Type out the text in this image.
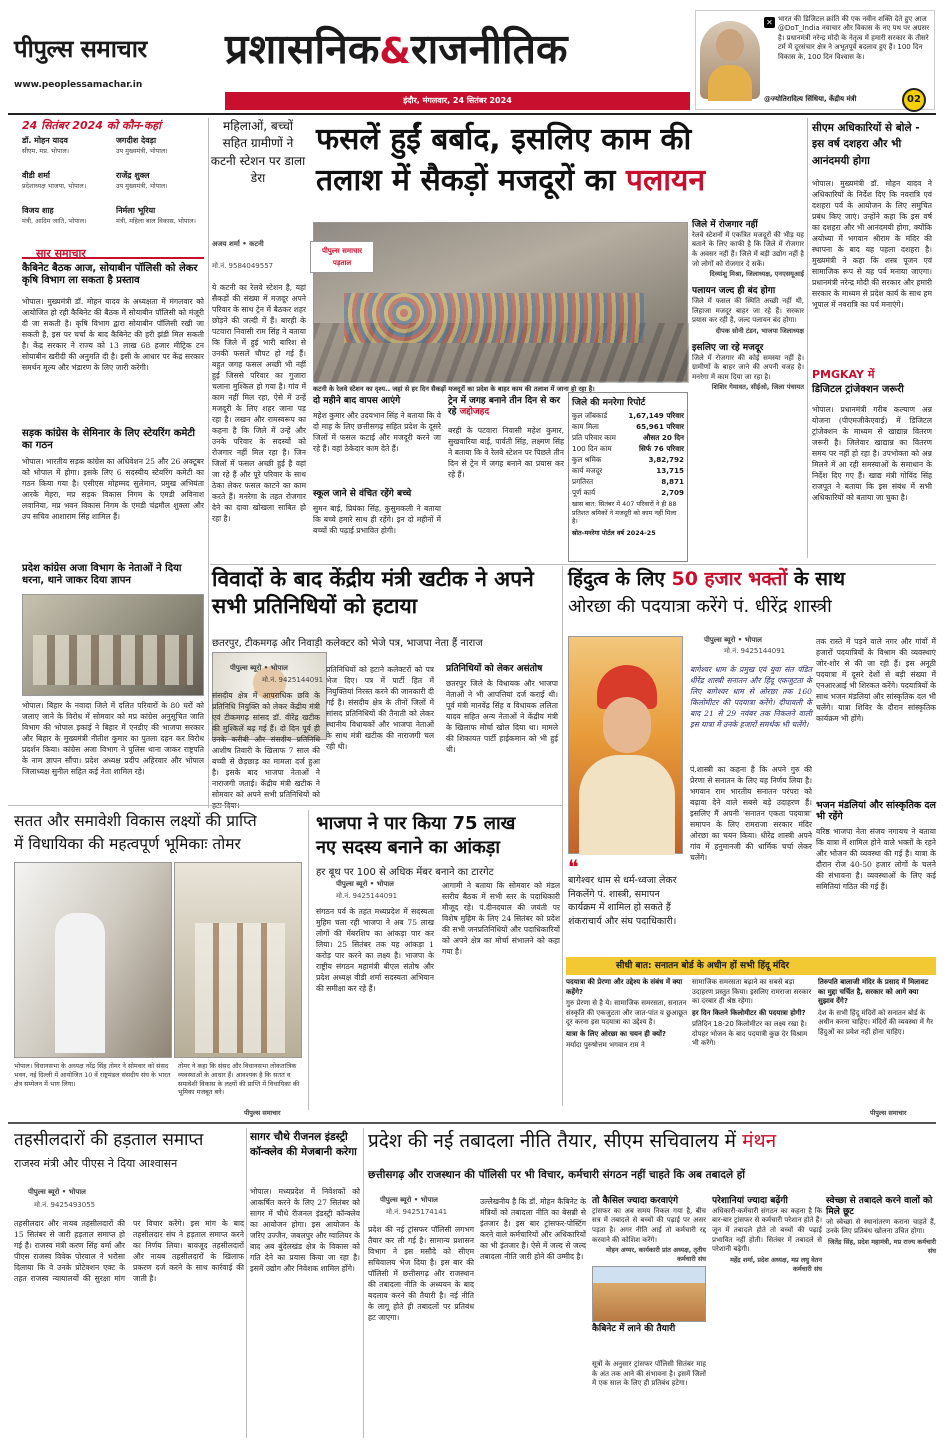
पीपुल्स समाचार
www.peoplessamachar.in
प्रशासनिक&राजनीतिक
✕ भारत की डिजिटल क्रांति की एक नवीन शक्ति देते हुए आज @DoT_India नवाचार और विकास के नए पथ पर अग्रसर है। प्रधानमंत्री नरेन्द्र मोदी के नेतृत्व में हमारी सरकार के तीसरे टर्म में दूरसंचार क्षेत्र ने अभूतपूर्व बदलाव हुए हैं। 100 दिन विकास के, 100 दिन विश्वास के।
@ज्योतिरादित्य सिंधिया, केंद्रीय मंत्री	02
इंदौर, मंगलवार, 24 सितंबर 2024
24 सितंबर 2024 को कौन-कहां
डॉ. मोहन यादव
सीएम, मप्र. भोपाल।
जगदीश देवड़ा
उप मुख्यमंत्री, भोपाल।
वीडी शर्मा
प्रदेशाध्यक्ष भाजपा, भोपाल।
राजेंद्र शुक्ल
उप मुख्यमंत्री, भोपाल।
विजय शाह
मंत्री, आदिम जाति, भोपाल।
निर्मला भूरिया
मंत्री, महिला बाल विकास, भोपाल।
सार समाचार
कैबिनेट बैठक आज, सोयाबीन पॉलिसी को लेकर कृषि विभाग ला सकता है प्रस्ताव
भोपाल। मुख्यमंत्री डॉ. मोहन यादव के अध्यक्षता में मंगलवार को आयोजित हो रही कैबिनेट की बैठक में सोयाबीन पॉलिसी को मंजूरी दी जा सकती है। कृषि विभाग द्वारा सोयाबीन पॉलिसी रखी जा सकती है, इस पर चर्चा के बाद कैबिनेट की हरी झंडी मिल सकती है। केंद्र सरकार ने राज्य को 13 लाख 68 हजार मीट्रिक टन सोयाबीन खरीदी की अनुमति दी है। इसी के आधार पर केंद्र सरकार समर्थन मूल्य और भंडारण के लिए जारी करेगी।
सड़क कांग्रेस के सेमिनार के लिए स्टेयरिंग कमेटी का गठन
भोपाल। भारतीय सड़क कांग्रेस का अधिवेशन 25 और 26 अक्टूबर को भोपाल में होगा। इसके लिए 6 सदस्यीय स्टेयरिंग कमेटी का गठन किया गया है। एसीएस मोहम्मद सुलेमान, प्रमुख अभियंता आरके मेहरा, मप्र सड़क विकास निगम के एमडी अविनाश लवानिया, मप्र भवन विकास निगम के एमडी चंद्रमौल शुक्ला और उप सचिव आशाराम सिंह शामिल हैं।
प्रदेश कांग्रेस अजा विभाग के नेताओं ने दिया धरना, थाने जाकर दिया ज्ञापन
भोपाल। बिहार के नवादा जिले में दलित परिवारों के 80 घरों को जलाए जाने के विरोध में सोमवार को मप्र कांग्रेस अनुसूचित जाति विभाग की भोपाल इकाई ने बिहार में एनडीए की भाजपा सरकार और बिहार के मुख्यमंत्री नीतीश कुमार का पुतला दहन कर विरोध प्रदर्शन किया। कांग्रेस अजा विभाग ने पुलिस थाना जाकर राष्ट्रपति के नाम ज्ञापन सौंपा। प्रदेश अध्यक्ष प्रदीप अहिरवार और भोपाल जिलाध्यक्ष सुनील सहित कई नेता शामिल रहे।
महिलाओं, बच्चों सहित ग्रामीणों ने कटनी स्टेशन पर डाला डेरा
अजय शर्मा • कटनी
मो.नं. 9584049557
ये कटनी का रेलवे स्टेशन है, यहां सैकड़ों की संख्या में मजदूर अपने परिवार के साथ ट्रेन में बैठकर शहर छोड़ने की जल्दी में हैं। बारही के पटवारा निवासी राम सिंह ने बताया कि जिले में हुई भारी बारिश से उनकी फसलें चौपट हो गई हैं। बहुत जगह फसल अच्छी भी नहीं हुई जिससे परिवार का गुजारा चलाना मुश्किल हो गया है। गांव में काम नहीं मिल रहा, ऐसे में उन्हें मजदूरी के लिए शहर जाना पड़ रहा है। लखन और रामस्वरूप का कहना है कि जिले में उन्हें और उनके परिवार के सदस्यों को रोजगार नहीं मिल रहा है। जिन जिलों में फसल अच्छी हुई है वहां जा रहे हैं और पूरे परिवार के साथ ठेका लेकर फसल काटने का काम करते हैं। मनरेगा के तहत रोजगार देने का दावा खोखला साबित हो रहा है।
फसलें हुईं बर्बाद, इसलिए काम की
तलाश में सैकड़ों मजदूरों का पलायन
पीपुल्स समाचार पड़ताल
कटनी के रेलवे स्टेशन का दृश्य.. जहां से हर दिन सैकड़ों मजदूरों का प्रदेश के बाहर काम की तलाश में जाना हो रहा है।
दो महीने बाद वापस आएंगे
महेश कुमार और उदयभान सिंह ने बताया कि वे दो माह के लिए छत्तीसगढ़ सहित प्रदेश के दूसरे जिलों में फसल कटाई और मजदूरी करने जा रहे हैं। वहां ठेकेदार काम देते हैं।
स्कूल जाने से वंचित रहेंगे बच्चे
सुमन बाई, प्रियंका सिंह, कुसुमकली ने बताया कि बच्चे हमारे साथ ही रहेंगे। इन दो महीनों में बच्चों की पढ़ाई प्रभावित होगी।
ट्रेन में जगह बनाने तीन दिन से कर रहे जद्दोजहद
बरही के पटवारा निवासी महेश कुमार, सुखवारिया बाई, पार्वती सिंह, लक्ष्मण सिंह ने बताया कि वे रेलवे स्टेशन पर पिछले तीन दिन से ट्रेन में जगह बनाने का प्रयास कर रहे हैं।
जिले की मनरेगा रिपोर्ट
कुल जॉबकार्ड	1,67,149 परिवार
काम मिला	65,961 परिवार
प्रति परिवार काम	औसत 20 दिन
100 दिन काम	सिर्फ 76 परिवार
कुल श्रमिक	3,82,792
कार्य मजदूर	13,715
प्रगतिरत	8,871
पूर्ण कार्य	2,709
खास बात: सितंबर में 407 परिवारों ने ही 88 प्रतिशत श्रमिकों ने मजदूरी को काम नहीं मिला है।
स्रोत-मनरेगा पोर्टल वर्ष 2024-25
जिले में रोजगार नहीं
रेलवे स्टेशनों में एकत्रित मजदूरों की भीड़ यह बताने के लिए काफी है कि जिले में रोजगार के अवसर नहीं हैं। जिले में बड़ी उद्योग नहीं है जो लोगों को रोजगार दे सकें।
दिव्यांशु मिश्रा, जिलाध्यक्ष, एनएसयूआई
पलायन जल्द ही बंद होगा
जिले में फसल की स्थिति अच्छी नहीं थी, लिहाजा मजदूर बाहर जा रहे हैं। सरकार प्रयास कर रही है, जल्द पलायन बंद होगा।
दीपक सोनी टंडन, भाजपा जिलाध्यक्ष
इसलिए जा रहे मजदूर
जिले में रोजगार की कोई समस्या नहीं है। ग्रामीणों के बाहर जाने की अपनी वजह है। मनरेगा में काम दिया जा रहा है।
शिशिर गेमावत, सीईओ, जिला पंचायत
सीएम अधिकारियों से बोले - इस वर्ष दशहरा और भी आनंदमयी होगा
भोपाल। मुख्यमंत्री डॉ. मोहन यादव ने अधिकारियों के निर्देश दिए कि नवरात्रि एवं दशहरा पर्व के आयोजन के लिए समुचित प्रबंध किए जाएं। उन्होंने कहा कि इस वर्ष का दशहरा और भी आनंदमयी होगा, क्योंकि अयोध्या में भगवान श्रीराम के मंदिर की स्थापना के बाद यह पहला दशहरा है। मुख्यमंत्री ने कहा कि शस्त्र पूजन एवं सामाजिक रूप से यह पर्व मनाया जाएगा। प्रधानमंत्री नरेन्द्र मोदी की सरकार और हमारी सरकार के माध्यम से प्रदेश कार्य के साथ हम भूपाल में नवरात्रि का पर्व मनाएंगे।
PMGKAY में
डिजिटल ट्रांजेक्शन जरूरी
भोपाल। प्रधानमंत्री गरीब कल्याण अन्न योजना (पीएमजीकेएवाई) में डिजिटल ट्रांजेक्शन के माध्यम से खाद्यान्न वितरण जरूरी है। जिलेवार खाद्यान्न का वितरण समय पर नहीं हो रहा है। उपभोक्ता को अन्न मिलने में आ रही समस्याओं के समाधान के निर्देश दिए गए हैं। खाद्य मंत्री गोविंद सिंह राजपूत ने बताया कि इस संबंध में सभी अधिकारियों को बताया जा चुका है।
विवादों के बाद केंद्रीय मंत्री खटीक ने अपने सभी प्रतिनिधियों को हटाया
छतरपुर, टीकमगढ़ और निवाड़ी कलेक्टर को भेजे पत्र, भाजपा नेता हैं नाराज
पीपुल्स ब्यूरो • भोपाल
मो.नं. 9425144091
संसदीय क्षेत्र में आपराधिक छवि के प्रतिनिधि नियुक्ति को लेकर केंद्रीय मंत्री एवं टीकमगढ़ सांसद डॉ. वीरेंद्र खटीक की मुश्किलें बढ़ गई हैं। दो दिन पूर्व ही उनके करीबी और संसदीय प्रतिनिधि आशीष तिवारी के खिलाफ 7 साल की बच्ची से छेड़छाड़ का मामला दर्ज हुआ है। इसके बाद भाजपा नेताओं ने नाराजगी जताई। केंद्रीय मंत्री खटीक ने सोमवार को अपने सभी प्रतिनिधियों को
प्रतिनिधियों को हटाने कलेक्टरों को पत्र भेज दिए। पत्र में पार्टी हित में नियुक्तियां निरस्त करने की जानकारी दी गई है। संसदीय क्षेत्र के तीनों जिलों में सांसद प्रतिनिधियों की तैनाती को लेकर स्थानीय विधायकों और भाजपा नेताओं के साथ मंत्री खटीक की नाराजगी चल रही थी।
प्रतिनिधियों को लेकर असंतोष
छतरपुर जिले के विधायक और भाजपा नेताओं ने भी आपत्तियां दर्ज कराई थी। पूर्व मंत्री मानवेंद्र सिंह व विधायक ललिता यादव सहित अन्य नेताओं ने केंद्रीय मंत्री के खिलाफ मोर्चा खोल दिया था। मामले की शिकायत पार्टी हाईकमान को भी हुई थी।
हिंदुत्व के लिए 50 हजार भक्तों के साथ
ओरछा की पदयात्रा करेंगे पं. धीरेंद्र शास्त्री
पीपुल्स ब्यूरो • भोपाल
मो.नं. 9425144091
बागेश्वर धाम के प्रमुख एवं युवा संत पंडित धीरेंद्र शास्त्री सनातन और हिंदू एकजुटता के लिए बागेश्वर धाम से ओरछा तक 160 किलोमीटर की पदयात्रा करेंगे। दीपावली के बाद 21 से 29 नवंबर तक निकलने वाली इस यात्रा में उनके हजारों समर्थक भी चलेंगे।
पं.शास्त्री का कहना है कि अपने गुरु की प्रेरणा से सनातन के लिए यह निर्णय लिया है। भगवान राम भारतीय सनातन परंपरा को बढ़ावा देने वाले सबसे बड़े उदाहरण हैं। इसलिए मैं अपनी 'सनातन एकता पदयात्रा' समापन के लिए रामराजा सरकार मंदिर ओरछा का चयन किया। धीरेंद्र शास्त्री अपने गांव में हनुमानजी की धार्मिक चर्चा लेकर चलेंगे।
❝
बागेश्वर धाम से धर्म-ध्वजा लेकर निकलेंगे पं. शास्त्री, समापन कार्यक्रम में शामिल हो सकते हैं शंकराचार्य और संघ पदाधिकारी।
तक रास्ते में पड़ने वाले नगर और गांवों में हजारों पदयात्रियों के विश्राम की व्यवस्थाएं जोर-शोर से की जा रही हैं। इस अनूठी पदयात्रा में दूसरे देशों से बड़ी संख्या में एनआरआई भी शिरकत करेंगे। पदयात्रियों के साथ भजन मंडलियां और सांस्कृतिक दल भी चलेंगे। यात्रा शिविर के दौरान सांस्कृतिक कार्यक्रम भी होंगे।
भजन मंडलियां और सांस्कृतिक दल भी रहेंगे
वरिष्ठ भाजपा नेता संजय नगायच ने बताया कि यात्रा में शामिल होने वाले भक्तों के रहने और भोजन की व्यवस्था की गई है। यात्रा के दौरान रोज 40-50 हजार लोगों के चलने की संभावना है। व्यवस्थाओं के लिए कई समितियां गठित की गई हैं।
सीधी बात: सनातन बोर्ड के अधीन हों सभी हिंदू मंदिर
पदयात्रा की प्रेरणा और उद्देश्य के संबंध में क्या कहेंगे?
गुरु प्रेरणा से है ये। सामाजिक समरसता, सनातन संस्कृति की एकजुटता और जात-पांत व छुआछूत दूर करना इस पदयात्रा का उद्देश्य है।
यात्रा के लिए ओरछा का चयन ही क्यों?
मर्यादा पुरुषोत्तम भगवान राम ने
सामाजिक समरसता बढ़ाने का सबसे बड़ा उदाहरण प्रस्तुत किया। इसलिए रामराजा सरकार का दरबार ही श्रेष्ठ रहेगा।
हर दिन कितने किलोमीटर की पदयात्रा होगी?
प्रतिदिन 18-20 किलोमीटर का लक्ष्य रखा है। दोपहर भोजन के बाद पदयात्री कुछ देर विश्राम भी करेंगे।
तिरुपति बालाजी मंदिर के प्रसाद में मिलावट का मुद्दा चर्चित है, सरकार को आगे क्या सुझाव देंगे?
देश के सभी हिंदू मंदिरों को सनातन बोर्ड के अधीन करना चाहिए। मंदिरों की व्यवस्था में गैर हिंदुओं का प्रवेश नहीं होना चाहिए।
पीपुल्स समाचार
सतत और समावेशी विकास लक्ष्यों की प्राप्ति
में विधायिका की महत्वपूर्ण भूमिकाः तोमर
भोपाल। विधानसभा के अध्यक्ष नरेंद्र सिंह तोमर ने सोमवार को संसद भवन, नई दिल्ली में आयोजित 10 वें राष्ट्रमंडल संसदीय संघ के भारत क्षेत्र सम्मेलन में भाग लिया।
तोमर ने कहा कि संसद और विधानसभा लोकतांत्रिक व्यवस्थाओं के आधार हैं। आवश्यक है कि सतत व समावेशी विकास के लक्ष्यों की प्राप्ति में विधायिका की भूमिका मजबूत बने।
पीपुल्स समाचार
भाजपा ने पार किया 75 लाख
नए सदस्य बनाने का आंकड़ा
हर बूथ पर 100 से अधिक मेंबर बनाने का टारगेट
पीपुल्स ब्यूरो • भोपाल
मो.नं. 9425144091
संगठन पर्व के तहत मध्यप्रदेश में सदस्यता मुहिम चला रही भाजपा ने अब 75 लाख लोगों की मेंबरशिप का आंकड़ा पार कर लिया। 25 सितंबर तक यह आंकड़ा 1 करोड़ पार करने का लक्ष्य है। भाजपा के राष्ट्रीय संगठन महामंत्री बीएल संतोष और प्रदेश अध्यक्ष वीडी शर्मा सदस्यता अभियान की समीक्षा कर रहे हैं।
आगामी ने बताया कि सोमवार को मंडल स्तरीय बैठक में सभी स्तर के पदाधिकारी मौजूद रहे। पं.दीनदयाल की जयंती पर विशेष मुहिम के लिए 24 सितंबर को प्रदेश की सभी जनप्रतिनिधियों और पदाधिकारियों को अपने क्षेत्र का मोर्चा संभालने को कहा गया है।
तहसीलदारों की हड़ताल समाप्त
राजस्व मंत्री और पीएस ने दिया आश्वासन
पीपुल्स ब्यूरो • भोपाल
मो.नं. 9425493055
तहसीलदार और नायब तहसीलदारों की 15 सितंबर से जारी हड़ताल समाप्त हो गई है। राजस्व मंत्री करण सिंह वर्मा और पीएस राजस्व विवेक पोरवाल ने भरोसा दिलाया कि वे उनके प्रोटेक्शन एक्ट के तहत राजस्व न्यायालयों की सुरक्षा मांग पर विचार करेंगे। इस मांग के बाद तहसीलदार संघ ने हड़ताल समाप्त करने का निर्णय लिया। बावजूद तहसीलदारों और नायब तहसीलदारों के खिलाफ प्रकरण दर्ज करने के साथ कार्रवाई की जाती है।
सागर चौथे रीजनल इंडस्ट्री कॉन्क्लेव की मेजबानी करेगा
भोपाल। मध्यप्रदेश में निवेशकों को आकर्षित करने के लिए 27 सितंबर को सागर में चौथे रीजनल इंडस्ट्री कॉन्क्लेव का आयोजन होगा। इस आयोजन के जरिए उज्जैन, जबलपुर और ग्वालियर के बाद अब बुंदेलखंड क्षेत्र के विकास को गति देने का प्रयास किया जा रहा है। इसमें उद्योग और निवेशक शामिल होंगे।
प्रदेश की नई तबादला नीति तैयार, सीएम सचिवालय में मंथन
छत्तीसगढ़ और राजस्थान की पॉलिसी पर भी विचार, कर्मचारी संगठन नहीं चाहते कि अब तबादले हों
पीपुल्स ब्यूरो • भोपाल
मो.नं. 9425174141
प्रदेश की नई ट्रांसफर पॉलिसी लगभग तैयार कर ली गई है। सामान्य प्रशासन विभाग ने इस मसौदे को सीएम सचिवालय भेज दिया है। इस बार की पॉलिसी में छत्तीसगढ़ और राजस्थान की तबादला नीति के अध्ययन के बाद बदलाव करने की तैयारी है। नई नीति के लागू होते ही तबादलों पर प्रतिबंध हट जाएगा।
उल्लेखनीय है कि डॉ. मोहन कैबिनेट के मंत्रियों को तबादला नीति का बेसब्री से इंतजार है। इस बार ट्रांसफर-पोस्टिंग करने वाले कर्मचारियों और अधिकारियों का भी इंतजार है। ऐसे में जल्द से जल्द तबादला नीति जारी होने की उम्मीद है।
तो कैसिल ज्यादा करवाएंगे
ट्रांसफर का अब समय निकल गया है, बीच सत्र में तबादले से बच्चों की पढ़ाई पर असर पड़ता है। अगर नीति आई तो कर्मचारी रद्द करवाने की कोशिश करेंगे।
मोहन अय्यर, कार्यकारी प्रांत अध्यक्ष, तृतीय कर्मचारी संघ
कैबिनेट में लाने की तैयारी
सूत्रों के अनुसार ट्रांसफर पॉलिसी सितंबर माह के अंत तक आने की संभावना है। इसमें जिलों में एक साल के लिए ही प्रतिबंध हटेगा।
परेशानियां ज्यादा बढ़ेंगी
अधिकारी-कर्मचारी संगठन का कहना है कि बार-बार ट्रांसफर से कर्मचारी परेशान होते हैं। जून में तबादले होते तो बच्चों की पढ़ाई प्रभावित नहीं होती। सितंबर में तबादले से परेशानी बढ़ेगी।
महेंद्र शर्मा, प्रदेश अध्यक्ष, मप्र लघु वेतन कर्मचारी संघ
स्वेच्छा से तबादले करने वालों को मिले छूट
जो स्वेच्छा से स्थानांतरण कराना चाहते हैं, उनके लिए प्रतिबंध खोलना उचित होगा।
जितेंद्र सिंह, प्रदेश महामंत्री, मप्र राज्य कर्मचारी संघ
